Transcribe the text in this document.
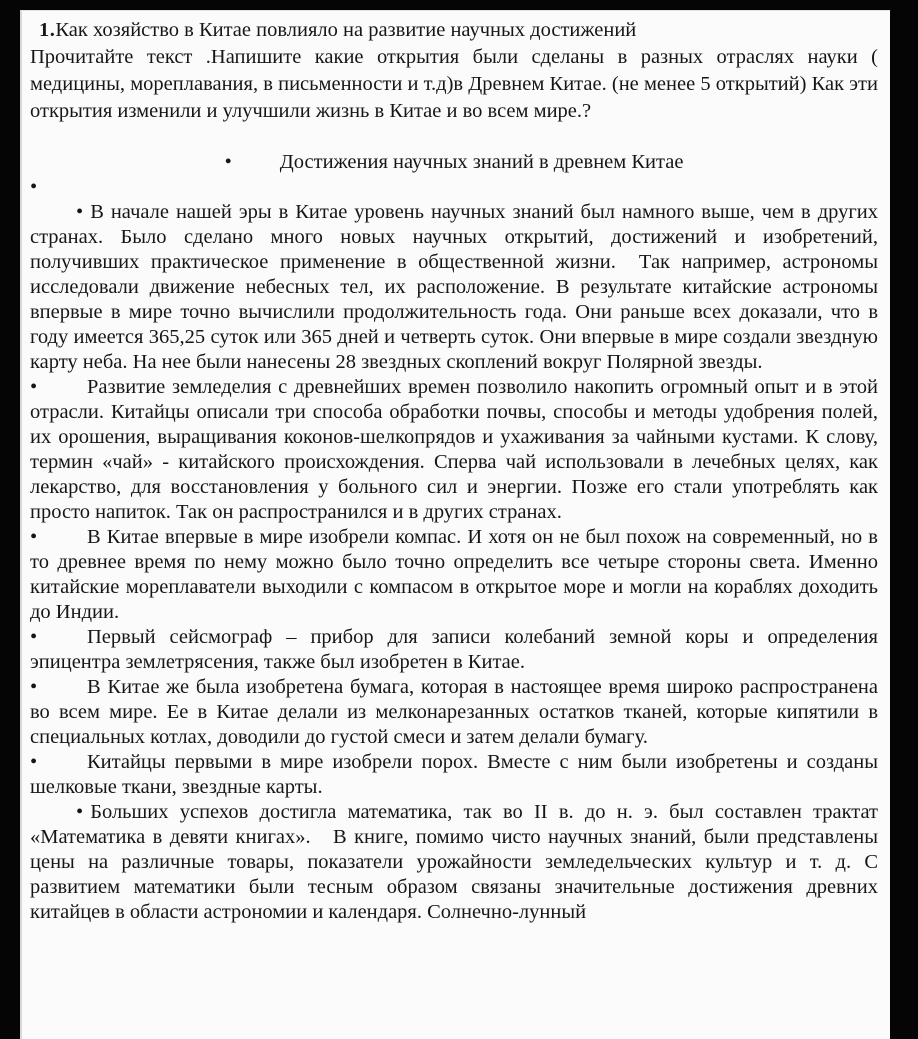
1.Как хозяйство в Китае повлияло на развитие научных достижений
Прочитайте текст .Напишите какие открытия были сделаны в разных отраслях науки ( медицины, мореплавания, в письменности и т.д)в Древнем Китае. (не менее 5 открытий) Как эти открытия изменили и улучшили жизнь в Китае и во всем мире.?
• Достижения научных знаний в древнем Китае
•

• В начале нашей эры в Китае уровень научных знаний был намного выше, чем в других странах. Было сделано много новых научных открытий, достижений и изобретений, получивших практическое применение в общественной жизни.  Так например, астрономы исследовали движение небесных тел, их расположение. В результате китайские астрономы впервые в мире точно вычислили продолжительность года. Они раньше всех доказали, что в году имеется 365,25 суток или 365 дней и четверть суток. Они впервые в мире создали звездную карту неба. На нее были нанесены 28 звездных скоплений вокруг Полярной звезды.

• Развитие земледелия с древнейших времен позволило накопить огромный опыт и в этой отрасли. Китайцы описали три способа обработки почвы, способы и методы удобрения полей, их орошения, выращивания коконов-шелкопрядов и ухаживания за чайными кустами. К слову, термин «чай» - китайского происхождения. Сперва чай использовали в лечебных целях, как лекарство, для восстановления у больного сил и энергии. Позже его стали употреблять как просто напиток. Так он распространился и в других странах.

• В Китае впервые в мире изобрели компас. И хотя он не был похож на современный, но в то древнее время по нему можно было точно определить все четыре стороны света. Именно китайские мореплаватели выходили с компасом в открытое море и могли на кораблях доходить до Индии.

• Первый сейсмограф – прибор для записи колебаний земной коры и определения эпицентра землетрясения, также был изобретен в Китае.

• В Китае же была изобретена бумага, которая в настоящее время широко распространена во всем мире. Ее в Китае делали из мелконарезанных остатков тканей, которые кипятили в специальных котлах, доводили до густой смеси и затем делали бумагу.

• Китайцы первыми в мире изобрели порох. Вместе с ним были изобретены и созданы шелковые ткани, звездные карты.

• Больших успехов достигла математика, так во II в. до н. э. был составлен трактат «Математика в девяти книгах».   В книге, помимо чисто научных знаний, были представлены цены на различные товары, показатели урожайности земледельческих культур и т. д. С развитием математики были тесным образом связаны значительные достижения древних китайцев в области астрономии и календаря. Солнечно-лунный
